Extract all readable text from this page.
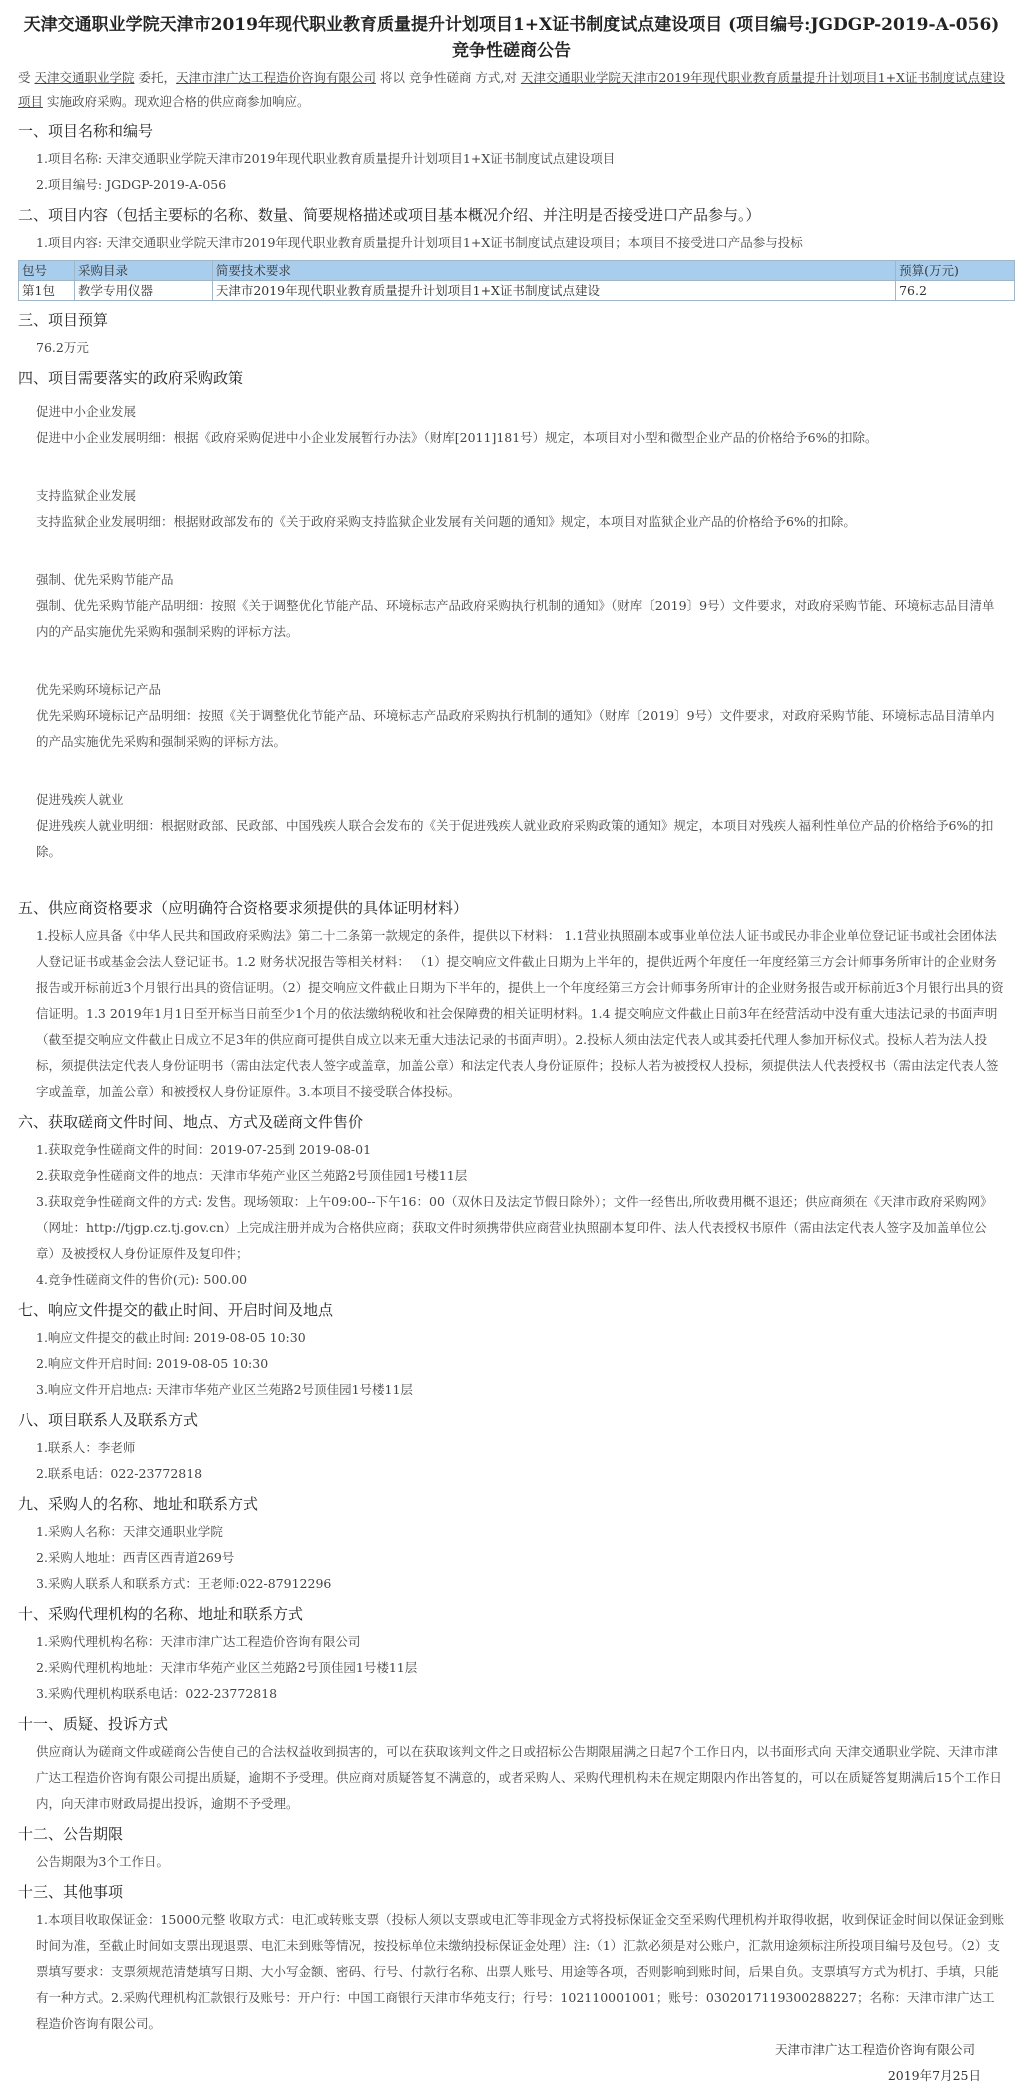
天津交通职业学院天津市2019年现代职业教育质量提升计划项目1+X证书制度试点建设项目 (项目编号:JGDGP-2019-A-056)

竞争性磋商公告

受 天津交通职业学院 委托，天津市津广达工程造价咨询有限公司 将以 竞争性磋商 方式,对 天津交通职业学院天津市2019年现代职业教育质量提升计划项目1+X证书制度试点建设项目 实施政府采购。现欢迎合格的供应商参加响应。

一、项目名称和编号

1.项目名称: 天津交通职业学院天津市2019年现代职业教育质量提升计划项目1+X证书制度试点建设项目

2.项目编号: JGDGP-2019-A-056

二、项目内容（包括主要标的名称、数量、简要规格描述或项目基本概况介绍、并注明是否接受进口产品参与。）

1.项目内容: 天津交通职业学院天津市2019年现代职业教育质量提升计划项目1+X证书制度试点建设项目；本项目不接受进口产品参与投标

包号	采购目录	简要技术要求	预算(万元)
第1包	教学专用仪器	天津市2019年现代职业教育质量提升计划项目1+X证书制度试点建设	76.2

三、项目预算

76.2万元

四、项目需要落实的政府采购政策

促进中小企业发展

促进中小企业发展明细：根据《政府采购促进中小企业发展暂行办法》（财库[2011]181号）规定，本项目对小型和微型企业产品的价格给予6%的扣除。

支持监狱企业发展

支持监狱企业发展明细：根据财政部发布的《关于政府采购支持监狱企业发展有关问题的通知》规定，本项目对监狱企业产品的价格给予6%的扣除。

强制、优先采购节能产品

强制、优先采购节能产品明细：按照《关于调整优化节能产品、环境标志产品政府采购执行机制的通知》（财库〔2019〕9号）文件要求，对政府采购节能、环境标志品目清单内的产品实施优先采购和强制采购的评标方法。

优先采购环境标记产品

优先采购环境标记产品明细：按照《关于调整优化节能产品、环境标志产品政府采购执行机制的通知》（财库〔2019〕9号）文件要求，对政府采购节能、环境标志品目清单内的产品实施优先采购和强制采购的评标方法。

促进残疾人就业

促进残疾人就业明细：根据财政部、民政部、中国残疾人联合会发布的《关于促进残疾人就业政府采购政策的通知》规定，本项目对残疾人福利性单位产品的价格给予6%的扣除。

五、供应商资格要求（应明确符合资格要求须提供的具体证明材料）

1.投标人应具备《中华人民共和国政府采购法》第二十二条第一款规定的条件，提供以下材料： 1.1营业执照副本或事业单位法人证书或民办非企业单位登记证书或社会团体法人登记证书或基金会法人登记证书。1.2 财务状况报告等相关材料： （1）提交响应文件截止日期为上半年的，提供近两个年度任一年度经第三方会计师事务所审计的企业财务报告或开标前近3个月银行出具的资信证明。（2）提交响应文件截止日期为下半年的，提供上一个年度经第三方会计师事务所审计的企业财务报告或开标前近3个月银行出具的资信证明。1.3 2019年1月1日至开标当日前至少1个月的依法缴纳税收和社会保障费的相关证明材料。1.4 提交响应文件截止日前3年在经营活动中没有重大违法记录的书面声明（截至提交响应文件截止日成立不足3年的供应商可提供自成立以来无重大违法记录的书面声明）。2.投标人须由法定代表人或其委托代理人参加开标仪式。投标人若为法人投标，须提供法定代表人身份证明书（需由法定代表人签字或盖章，加盖公章）和法定代表人身份证原件；投标人若为被授权人投标，须提供法人代表授权书（需由法定代表人签字或盖章，加盖公章）和被授权人身份证原件。3.本项目不接受联合体投标。

六、获取磋商文件时间、地点、方式及磋商文件售价

1.获取竞争性磋商文件的时间：2019-07-25到 2019-08-01

2.获取竞争性磋商文件的地点：天津市华苑产业区兰苑路2号顶佳园1号楼11层

3.获取竞争性磋商文件的方式: 发售。现场领取：上午09:00--下午16：00（双休日及法定节假日除外）；文件一经售出,所收费用概不退还；供应商须在《天津市政府采购网》（网址：http://tjgp.cz.tj.gov.cn）上完成注册并成为合格供应商；获取文件时须携带供应商营业执照副本复印件、法人代表授权书原件（需由法定代表人签字及加盖单位公章）及被授权人身份证原件及复印件；

4.竞争性磋商文件的售价(元): 500.00

七、响应文件提交的截止时间、开启时间及地点

1.响应文件提交的截止时间: 2019-08-05 10:30

2.响应文件开启时间: 2019-08-05 10:30

3.响应文件开启地点: 天津市华苑产业区兰苑路2号顶佳园1号楼11层

八、项目联系人及联系方式

1.联系人：李老师

2.联系电话：022-23772818

九、采购人的名称、地址和联系方式

1.采购人名称：天津交通职业学院

2.采购人地址：西青区西青道269号

3.采购人联系人和联系方式：王老师:022-87912296

十、采购代理机构的名称、地址和联系方式

1.采购代理机构名称：天津市津广达工程造价咨询有限公司

2.采购代理机构地址：天津市华苑产业区兰苑路2号顶佳园1号楼11层

3.采购代理机构联系电话：022-23772818

十一、质疑、投诉方式

供应商认为磋商文件或磋商公告使自己的合法权益收到损害的，可以在获取该判文件之日或招标公告期限届满之日起7个工作日内，以书面形式向 天津交通职业学院、天津市津广达工程造价咨询有限公司提出质疑，逾期不予受理。供应商对质疑答复不满意的，或者采购人、采购代理机构未在规定期限内作出答复的，可以在质疑答复期满后15个工作日内，向天津市财政局提出投诉，逾期不予受理。

十二、公告期限

公告期限为3个工作日。

十三、其他事项

1.本项目收取保证金：15000元整 收取方式：电汇或转账支票（投标人须以支票或电汇等非现金方式将投标保证金交至采购代理机构并取得收据，收到保证金时间以保证金到账时间为准，至截止时间如支票出现退票、电汇未到账等情况，按投标单位未缴纳投标保证金处理）注:（1）汇款必须是对公账户，汇款用途须标注所投项目编号及包号。（2）支票填写要求：支票须规范清楚填写日期、大小写金额、密码、行号、付款行名称、出票人账号、用途等各项，否则影响到账时间，后果自负。支票填写方式为机打、手填，只能有一种方式。2.采购代理机构汇款银行及账号：开户行：中国工商银行天津市华苑支行；行号：102110001001；账号：0302017119300288227；名称：天津市津广达工程造价咨询有限公司。

天津市津广达工程造价咨询有限公司

2019年7月25日
